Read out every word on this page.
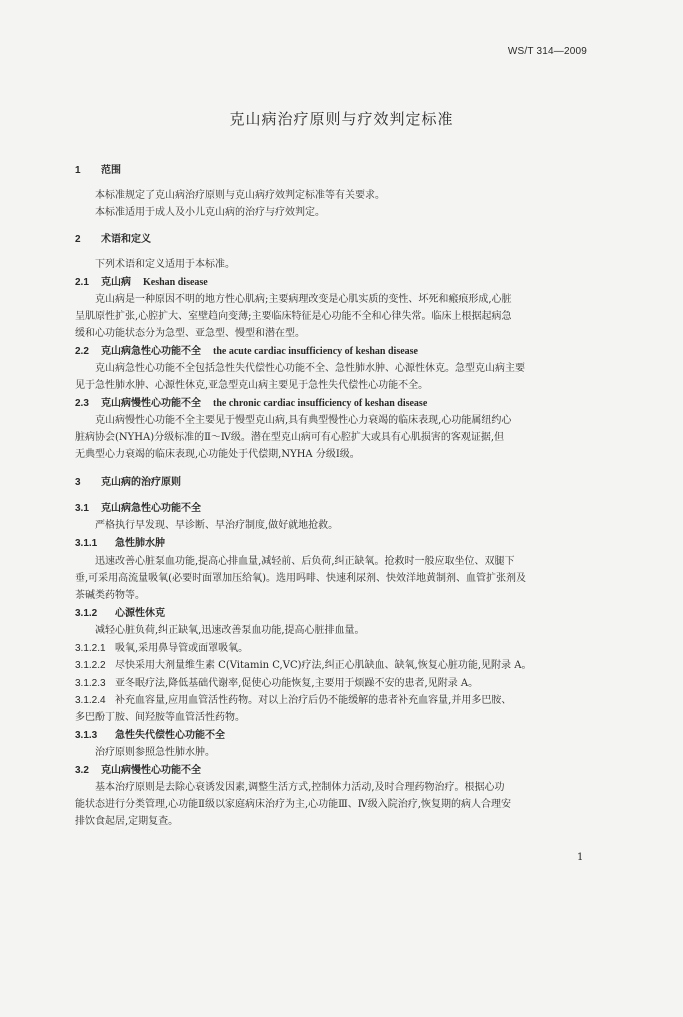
WS/T 314—2009
克山病治疗原则与疗效判定标准
1 范围
本标准规定了克山病治疗原则与克山病疗效判定标准等有关要求。
本标准适用于成人及小儿克山病的治疗与疗效判定。
2 术语和定义
下列术语和定义适用于本标准。
2.1 克山病 Keshan disease
克山病是一种原因不明的地方性心肌病;主要病理改变是心肌实质的变性、坏死和瘢痕形成,心脏
呈肌原性扩张,心腔扩大、室壁趋向变薄;主要临床特征是心功能不全和心律失常。临床上根据起病急
缓和心功能状态分为急型、亚急型、慢型和潜在型。
2.2 克山病急性心功能不全 the acute cardiac insufficiency of keshan disease
克山病急性心功能不全包括急性失代偿性心功能不全、急性肺水肿、心源性休克。急型克山病主要
见于急性肺水肿、心源性休克,亚急型克山病主要见于急性失代偿性心功能不全。
2.3 克山病慢性心功能不全 the chronic cardiac insufficiency of keshan disease
克山病慢性心功能不全主要见于慢型克山病,具有典型慢性心力衰竭的临床表现,心功能属纽约心
脏病协会(NYHA)分级标准的Ⅱ～Ⅳ级。潜在型克山病可有心腔扩大或具有心肌损害的客观证据,但
无典型心力衰竭的临床表现,心功能处于代偿期,NYHA 分级Ⅰ级。
3 克山病的治疗原则
3.1 克山病急性心功能不全
严格执行早发现、早诊断、早治疗制度,做好就地抢救。
3.1.1 急性肺水肿
迅速改善心脏泵血功能,提高心排血量,减轻前、后负荷,纠正缺氧。抢救时一般应取坐位、双腿下
垂,可采用高流量吸氧(必要时面罩加压给氧)。选用吗啡、快速利尿剂、快效洋地黄制剂、血管扩张剂及
茶碱类药物等。
3.1.2 心源性休克
减轻心脏负荷,纠正缺氧,迅速改善泵血功能,提高心脏排血量。
3.1.2.1 吸氧,采用鼻导管或面罩吸氧。
3.1.2.2 尽快采用大剂量维生素 C(Vitamin C,VC)疗法,纠正心肌缺血、缺氧,恢复心脏功能,见附录 A。
3.1.2.3 亚冬眠疗法,降低基础代谢率,促使心功能恢复,主要用于烦躁不安的患者,见附录 A。
3.1.2.4 补充血容量,应用血管活性药物。对以上治疗后仍不能缓解的患者补充血容量,并用多巴胺、
多巴酚丁胺、间羟胺等血管活性药物。
3.1.3 急性失代偿性心功能不全
治疗原则参照急性肺水肿。
3.2 克山病慢性心功能不全
基本治疗原则是去除心衰诱发因素,调整生活方式,控制体力活动,及时合理药物治疗。根据心功
能状态进行分类管理,心功能Ⅱ级以家庭病床治疗为主,心功能Ⅲ、Ⅳ级入院治疗,恢复期的病人合理安
排饮食起居,定期复查。
1
